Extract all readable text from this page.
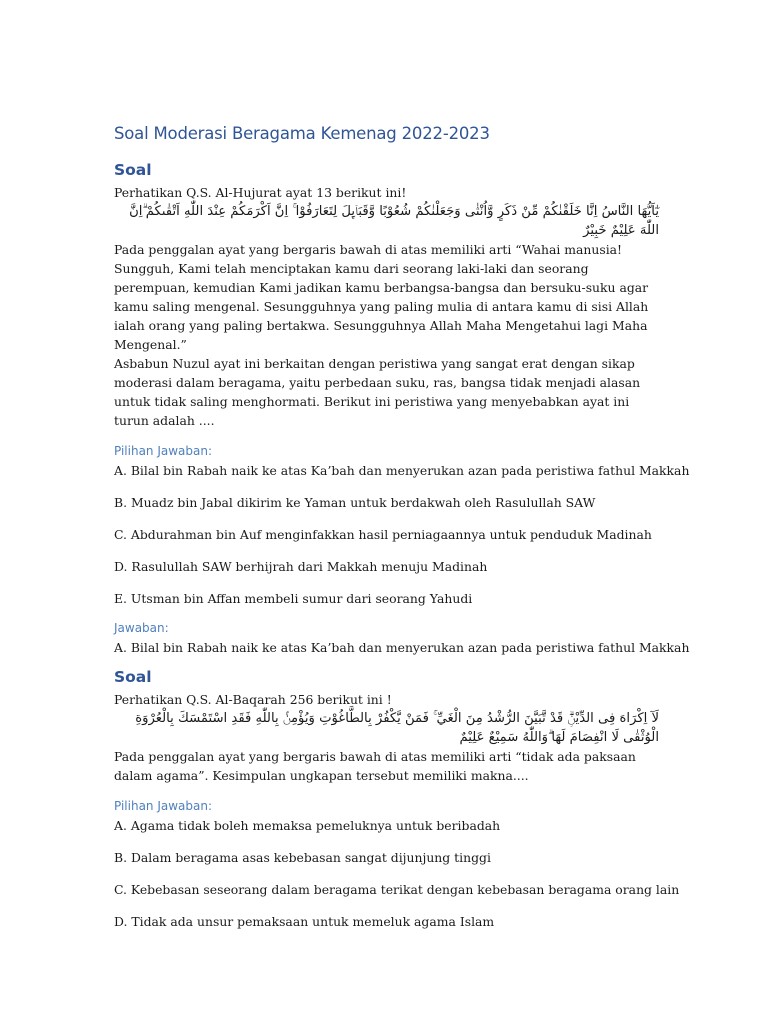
Soal Moderasi Beragama Kemenag 2022-2023
Soal

Perhatikan Q.S. Al-Hujurat ayat 13 berikut ini!

يٰٓاَيُّهَا النَّاسُ اِنَّا خَلَقْنٰكُمْ مِّنْ ذَكَرٍ وَّاُنْثٰى وَجَعَلْنٰكُمْ شُعُوْبًا وَّقَبَاۤىِٕلَ لِتَعَارَفُوْا ۚ اِنَّ اَكْرَمَكُمْ عِنْدَ اللّٰهِ اَتْقٰىكُمْ ۗاِنَّ اللّٰهَ عَلِيْمٌ خَبِيْرٌ

Pada penggalan ayat yang bergaris bawah di atas memiliki arti “Wahai manusia! Sungguh, Kami telah menciptakan kamu dari seorang laki-laki dan seorang perempuan, kemudian Kami jadikan kamu berbangsa-bangsa dan bersuku-suku agar kamu saling mengenal. Sesungguhnya yang paling mulia di antara kamu di sisi Allah ialah orang yang paling bertakwa. Sesungguhnya Allah Maha Mengetahui lagi Maha Mengenal.”

Asbabun Nuzul ayat ini berkaitan dengan peristiwa yang sangat erat dengan sikap moderasi dalam beragama, yaitu perbedaan suku, ras, bangsa tidak menjadi alasan untuk tidak saling menghormati. Berikut ini peristiwa yang menyebabkan ayat ini turun adalah ....

Pilihan Jawaban:

A. Bilal bin Rabah naik ke atas Ka’bah dan menyerukan azan pada peristiwa fathul Makkah

B. Muadz bin Jabal dikirim ke Yaman untuk berdakwah oleh Rasulullah SAW

C. Abdurahman bin Auf menginfakkan hasil perniagaannya untuk penduduk Madinah

D. Rasulullah SAW berhijrah dari Makkah menuju Madinah

E. Utsman bin Affan membeli sumur dari seorang Yahudi

Jawaban:

A. Bilal bin Rabah naik ke atas Ka’bah dan menyerukan azan pada peristiwa fathul Makkah

Soal

Perhatikan Q.S. Al-Baqarah 256 berikut ini !

لَآ اِكْرَاهَ فِى الدِّيْنِۗ قَدْ تَّبَيَّنَ الرُّشْدُ مِنَ الْغَيِّ ۚ فَمَنْ يَّكْفُرْ بِالطَّاغُوْتِ وَيُؤْمِنْۢ بِاللّٰهِ فَقَدِ اسْتَمْسَكَ بِالْعُرْوَةِ الْوُثْقٰى لَا انْفِصَامَ لَهَا ۗوَاللّٰهُ سَمِيْعٌ عَلِيْمٌ

Pada penggalan ayat yang bergaris bawah di atas memiliki arti “tidak ada paksaan dalam agama”. Kesimpulan ungkapan tersebut memiliki makna....

Pilihan Jawaban:

A. Agama tidak boleh memaksa pemeluknya untuk beribadah

B. Dalam beragama asas kebebasan sangat dijunjung tinggi

C. Kebebasan seseorang dalam beragama terikat dengan kebebasan beragama orang lain

D. Tidak ada unsur pemaksaan untuk memeluk agama Islam
